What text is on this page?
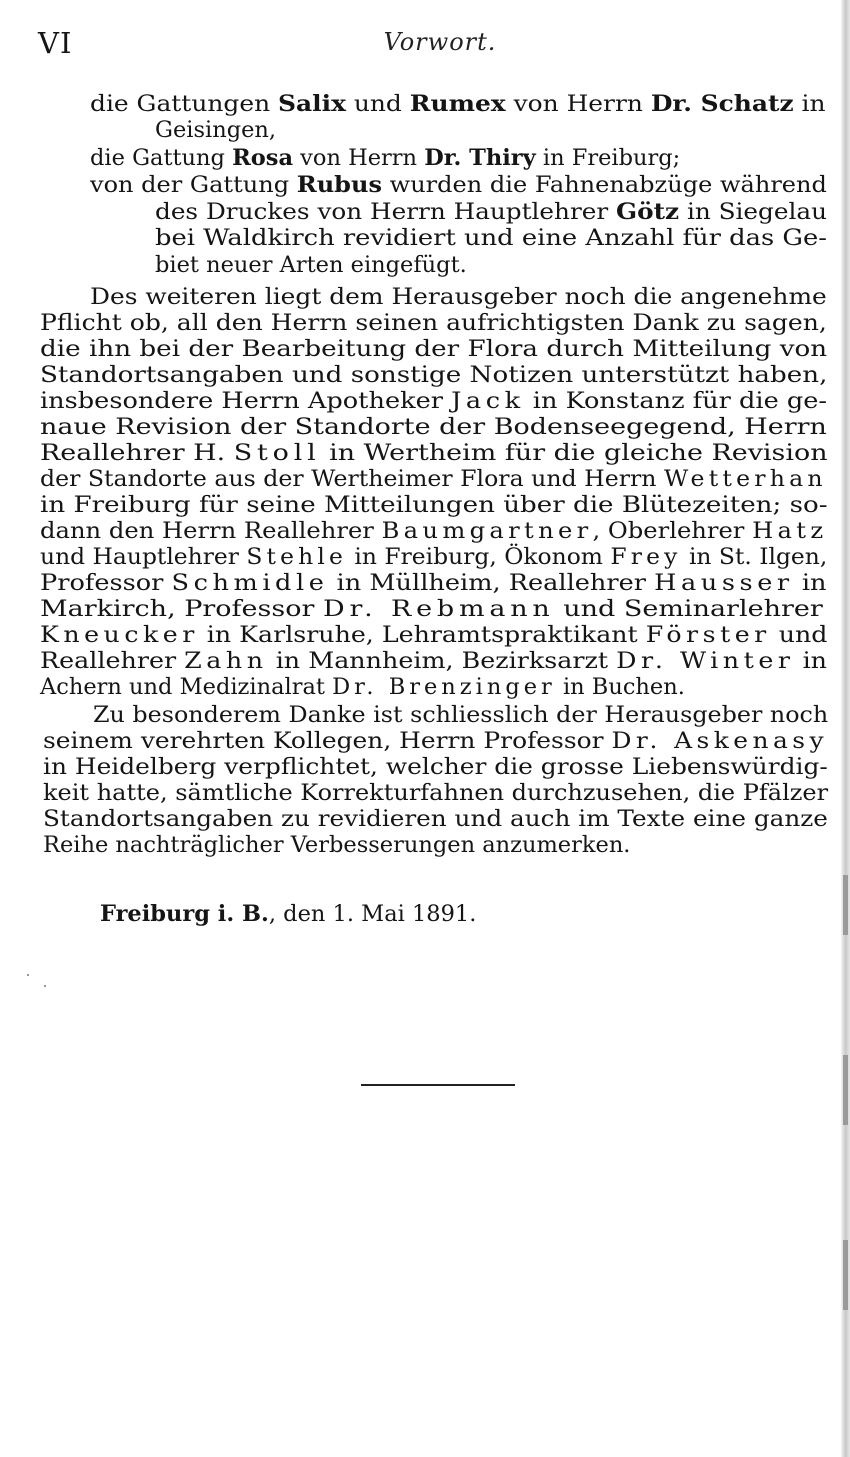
VI	Vorwort.
die Gattungen Salix und Rumex von Herrn Dr. Schatz in
Geisingen,
die Gattung Rosa von Herrn Dr. Thiry in Freiburg;
von der Gattung Rubus wurden die Fahnenabzüge während
des Druckes von Herrn Hauptlehrer Götz in Siegelau
bei Waldkirch revidiert und eine Anzahl für das Ge-
biet neuer Arten eingefügt.
Des weiteren liegt dem Herausgeber noch die angenehme
Pflicht ob, all den Herrn seinen aufrichtigsten Dank zu sagen,
die ihn bei der Bearbeitung der Flora durch Mitteilung von
Standortsangaben und sonstige Notizen unterstützt haben,
insbesondere Herrn Apotheker Jack in Konstanz für die ge-
naue Revision der Standorte der Bodenseegegend, Herrn
Reallehrer H. Stoll in Wertheim für die gleiche Revision
der Standorte aus der Wertheimer Flora und Herrn Wetterhan
in Freiburg für seine Mitteilungen über die Blütezeiten; so-
dann den Herrn Reallehrer Baumgartner, Oberlehrer Hatz
und Hauptlehrer Stehle in Freiburg, Ökonom Frey in St. Ilgen,
Professor Schmidle in Müllheim, Reallehrer Hausser in
Markirch, Professor Dr. Rebmann und Seminarlehrer
Kneucker in Karlsruhe, Lehramtspraktikant Förster und
Reallehrer Zahn in Mannheim, Bezirksarzt Dr. Winter in
Achern und Medizinalrat Dr. Brenzinger in Buchen.
Zu besonderem Danke ist schliesslich der Herausgeber noch
seinem verehrten Kollegen, Herrn Professor Dr. Askenasy
in Heidelberg verpflichtet, welcher die grosse Liebenswürdig-
keit hatte, sämtliche Korrekturfahnen durchzusehen, die Pfälzer
Standortsangaben zu revidieren und auch im Texte eine ganze
Reihe nachträglicher Verbesserungen anzumerken.
Freiburg i. B., den 1. Mai 1891.
